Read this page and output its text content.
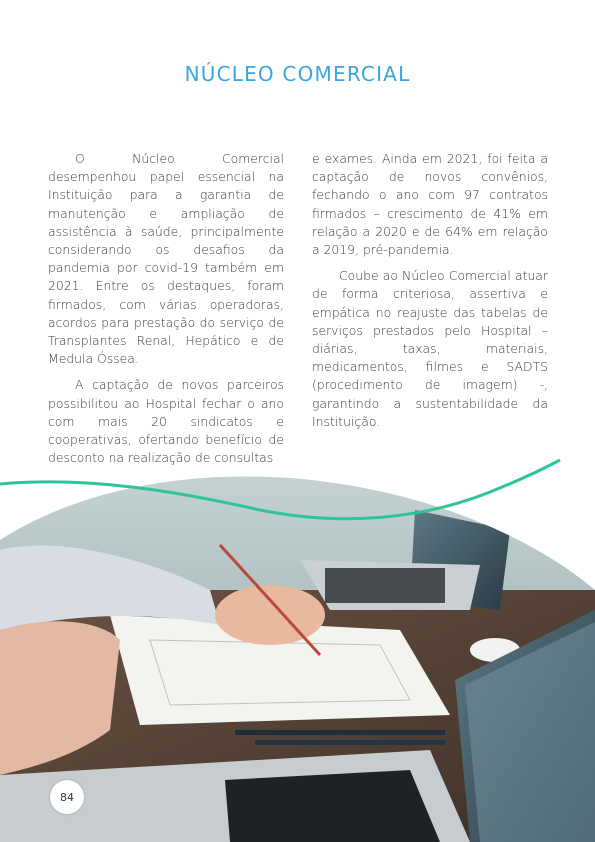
NÚCLEO COMERCIAL

O Núcleo Comercial desempenhou papel essencial na Instituição para a garantia de manutenção e ampliação de assistência à saúde, principalmente considerando os desafios da pandemia por covid-19 também em 2021. Entre os destaques, foram firmados, com várias operadoras, acordos para prestação do serviço de Transplantes Renal, Hepático e de Medula Óssea.

A captação de novos parceiros possibilitou ao Hospital fechar o ano com mais 20 sindicatos e cooperativas, ofertando benefício de desconto na realização de consultas

e exames. Ainda em 2021, foi feita a captação de novos convênios, fechando o ano com 97 contratos firmados – crescimento de 41% em relação a 2020 e de 64% em relação a 2019, pré-pandemia.

Coube ao Núcleo Comercial atuar de forma criteriosa, assertiva e empática no reajuste das tabelas de serviços prestados pelo Hospital – diárias, taxas, materiais, medicamentos, filmes e SADTS (procedimento de imagem) -, garantindo a sustentabilidade da Instituição.

84
